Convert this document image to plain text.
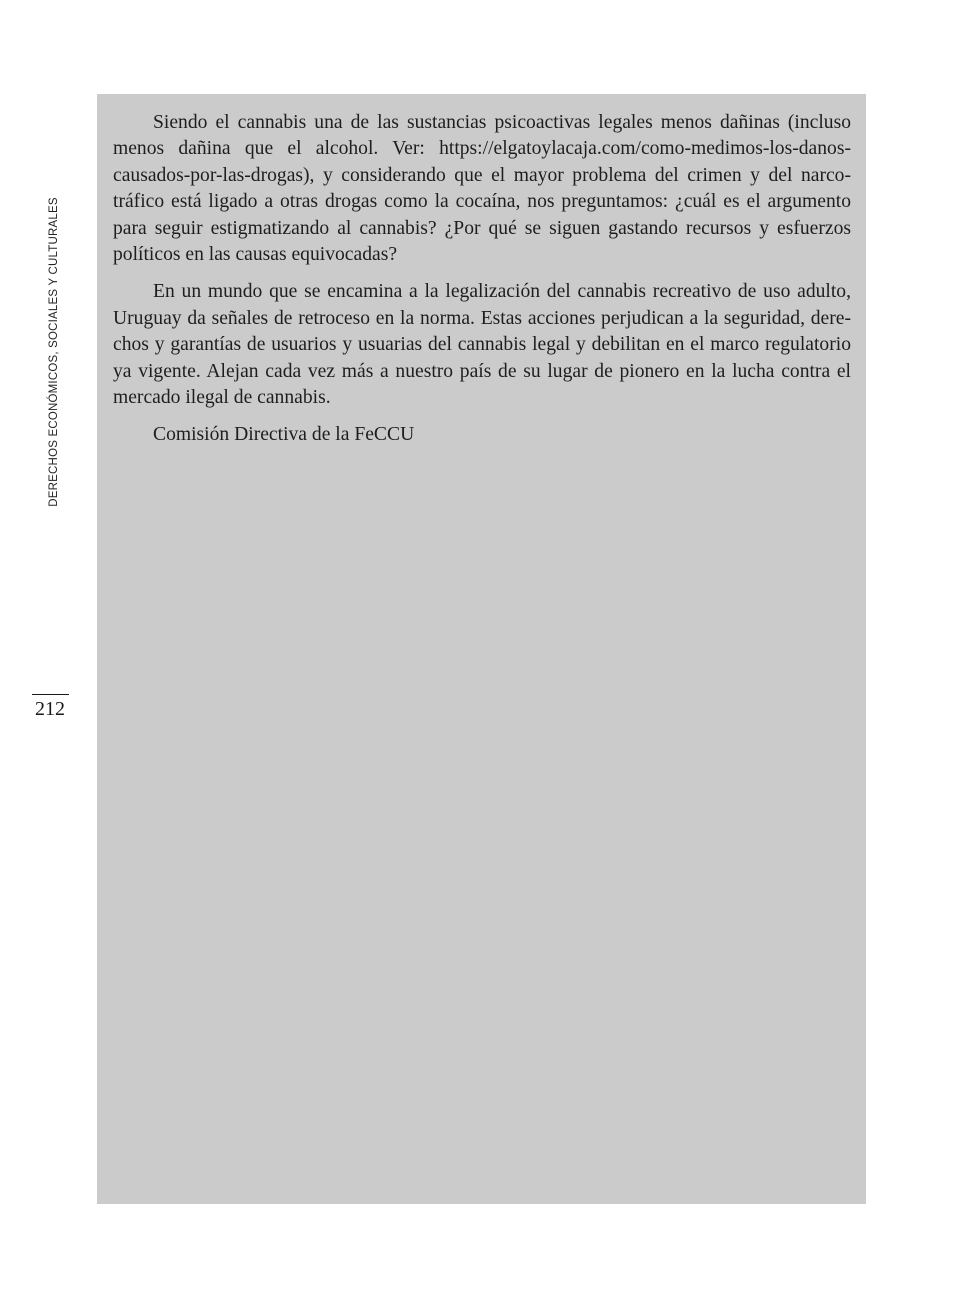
DERECHOS ECONÓMICOS, SOCIALES Y CULTURALES
212

Siendo el cannabis una de las sustancias psicoactivas legales menos dañinas (incluso menos dañina que el alcohol. Ver: https://elgatoylacaja.com/como-medimos-los-danos-causados-por-las-drogas), y considerando que el mayor problema del crimen y del narcotráfico está ligado a otras drogas como la cocaína, nos preguntamos: ¿cuál es el argumento para seguir estigmatizando al cannabis? ¿Por qué se siguen gastando recursos y esfuerzos políticos en las causas equivocadas?

En un mundo que se encamina a la legalización del cannabis recreativo de uso adulto, Uruguay da señales de retroceso en la norma. Estas acciones perjudican a la seguridad, derechos y garantías de usuarios y usuarias del cannabis legal y debilitan en el marco regulatorio ya vigente. Alejan cada vez más a nuestro país de su lugar de pionero en la lucha contra el mercado ilegal de cannabis.

Comisión Directiva de la FeCCU
